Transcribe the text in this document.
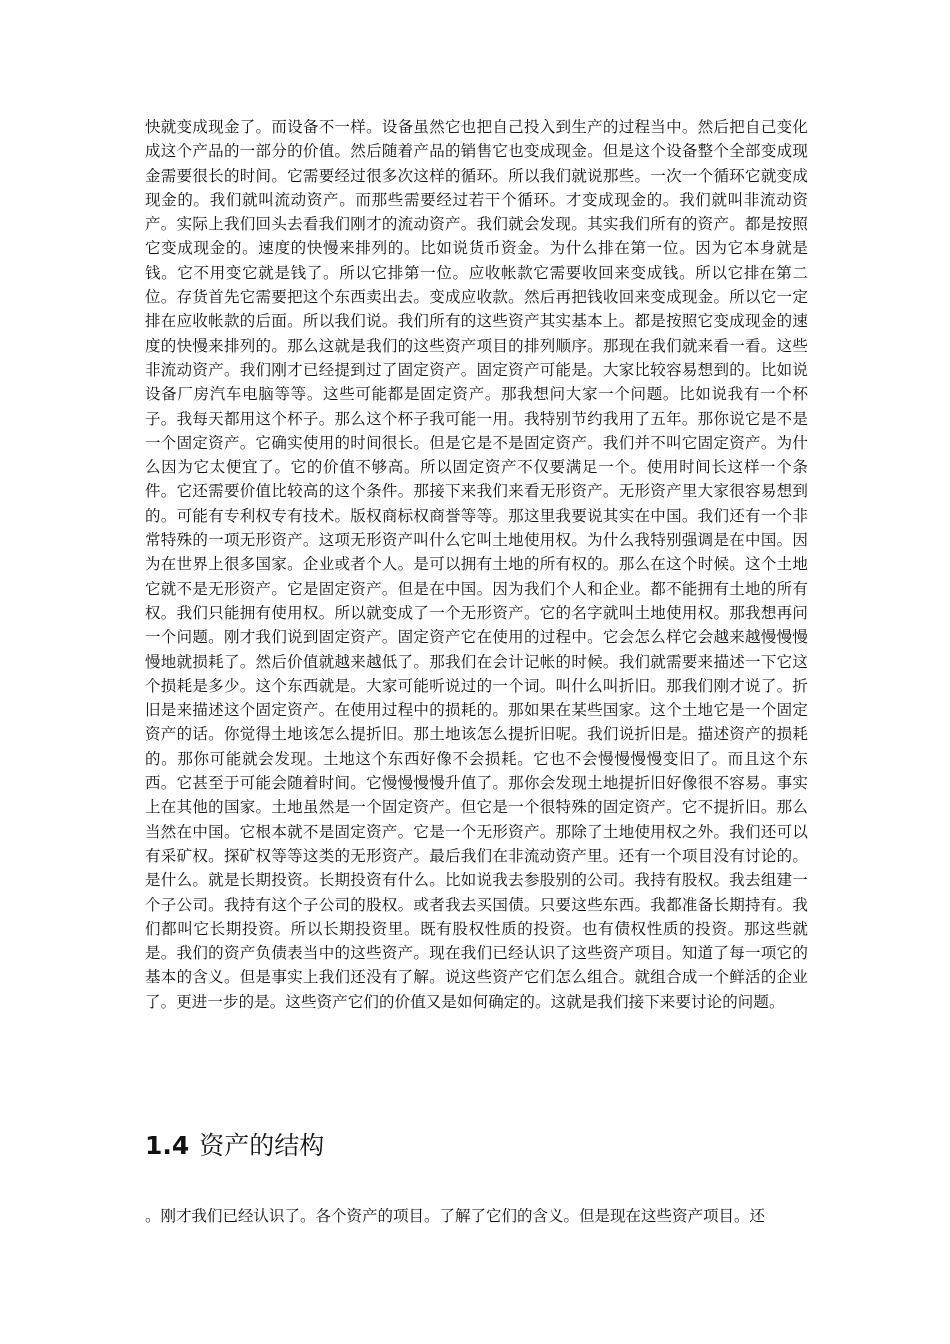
快就变成现金了。而设备不一样。设备虽然它也把自己投入到生产的过程当中。然后把自己变化成这个产品的一部分的价值。然后随着产品的销售它也变成现金。但是这个设备整个全部变成现金需要很长的时间。它需要经过很多次这样的循环。所以我们就说那些。一次一个循环它就变成现金的。我们就叫流动资产。而那些需要经过若干个循环。才变成现金的。我们就叫非流动资产。实际上我们回头去看我们刚才的流动资产。我们就会发现。其实我们所有的资产。都是按照它变成现金的。速度的快慢来排列的。比如说货币资金。为什么排在第一位。因为它本身就是钱。它不用变它就是钱了。所以它排第一位。应收帐款它需要收回来变成钱。所以它排在第二位。存货首先它需要把这个东西卖出去。变成应收款。然后再把钱收回来变成现金。所以它一定排在应收帐款的后面。所以我们说。我们所有的这些资产其实基本上。都是按照它变成现金的速度的快慢来排列的。那么这就是我们的这些资产项目的排列顺序。那现在我们就来看一看。这些非流动资产。我们刚才已经提到过了固定资产。固定资产可能是。大家比较容易想到的。比如说设备厂房汽车电脑等等。这些可能都是固定资产。那我想问大家一个问题。比如说我有一个杯子。我每天都用这个杯子。那么这个杯子我可能一用。我特别节约我用了五年。那你说它是不是一个固定资产。它确实使用的时间很长。但是它是不是固定资产。我们并不叫它固定资产。为什么因为它太便宜了。它的价值不够高。所以固定资产不仅要满足一个。使用时间长这样一个条件。它还需要价值比较高的这个条件。那接下来我们来看无形资产。无形资产里大家很容易想到的。可能有专利权专有技术。版权商标权商誉等等。那这里我要说其实在中国。我们还有一个非常特殊的一项无形资产。这项无形资产叫什么它叫土地使用权。为什么我特别强调是在中国。因为在世界上很多国家。企业或者个人。是可以拥有土地的所有权的。那么在这个时候。这个土地它就不是无形资产。它是固定资产。但是在中国。因为我们个人和企业。都不能拥有土地的所有权。我们只能拥有使用权。所以就变成了一个无形资产。它的名字就叫土地使用权。那我想再问一个问题。刚才我们说到固定资产。固定资产它在使用的过程中。它会怎么样它会越来越慢慢慢慢地就损耗了。然后价值就越来越低了。那我们在会计记帐的时候。我们就需要来描述一下它这个损耗是多少。这个东西就是。大家可能听说过的一个词。叫什么叫折旧。那我们刚才说了。折旧是来描述这个固定资产。在使用过程中的损耗的。那如果在某些国家。这个土地它是一个固定资产的话。你觉得土地该怎么提折旧。那土地该怎么提折旧呢。我们说折旧是。描述资产的损耗的。那你可能就会发现。土地这个东西好像不会损耗。它也不会慢慢慢慢变旧了。而且这个东西。它甚至于可能会随着时间。它慢慢慢慢升值了。那你会发现土地提折旧好像很不容易。事实上在其他的国家。土地虽然是一个固定资产。但它是一个很特殊的固定资产。它不提折旧。那么当然在中国。它根本就不是固定资产。它是一个无形资产。那除了土地使用权之外。我们还可以有采矿权。探矿权等等这类的无形资产。最后我们在非流动资产里。还有一个项目没有讨论的。是什么。就是长期投资。长期投资有什么。比如说我去参股别的公司。我持有股权。我去组建一个子公司。我持有这个子公司的股权。或者我去买国债。只要这些东西。我都准备长期持有。我们都叫它长期投资。所以长期投资里。既有股权性质的投资。也有债权性质的投资。那这些就是。我们的资产负债表当中的这些资产。现在我们已经认识了这些资产项目。知道了每一项它的基本的含义。但是事实上我们还没有了解。说这些资产它们怎么组合。就组合成一个鲜活的企业了。更进一步的是。这些资产它们的价值又是如何确定的。这就是我们接下来要讨论的问题。

1.4 资产的结构

。刚才我们已经认识了。各个资产的项目。了解了它们的含义。但是现在这些资产项目。还
